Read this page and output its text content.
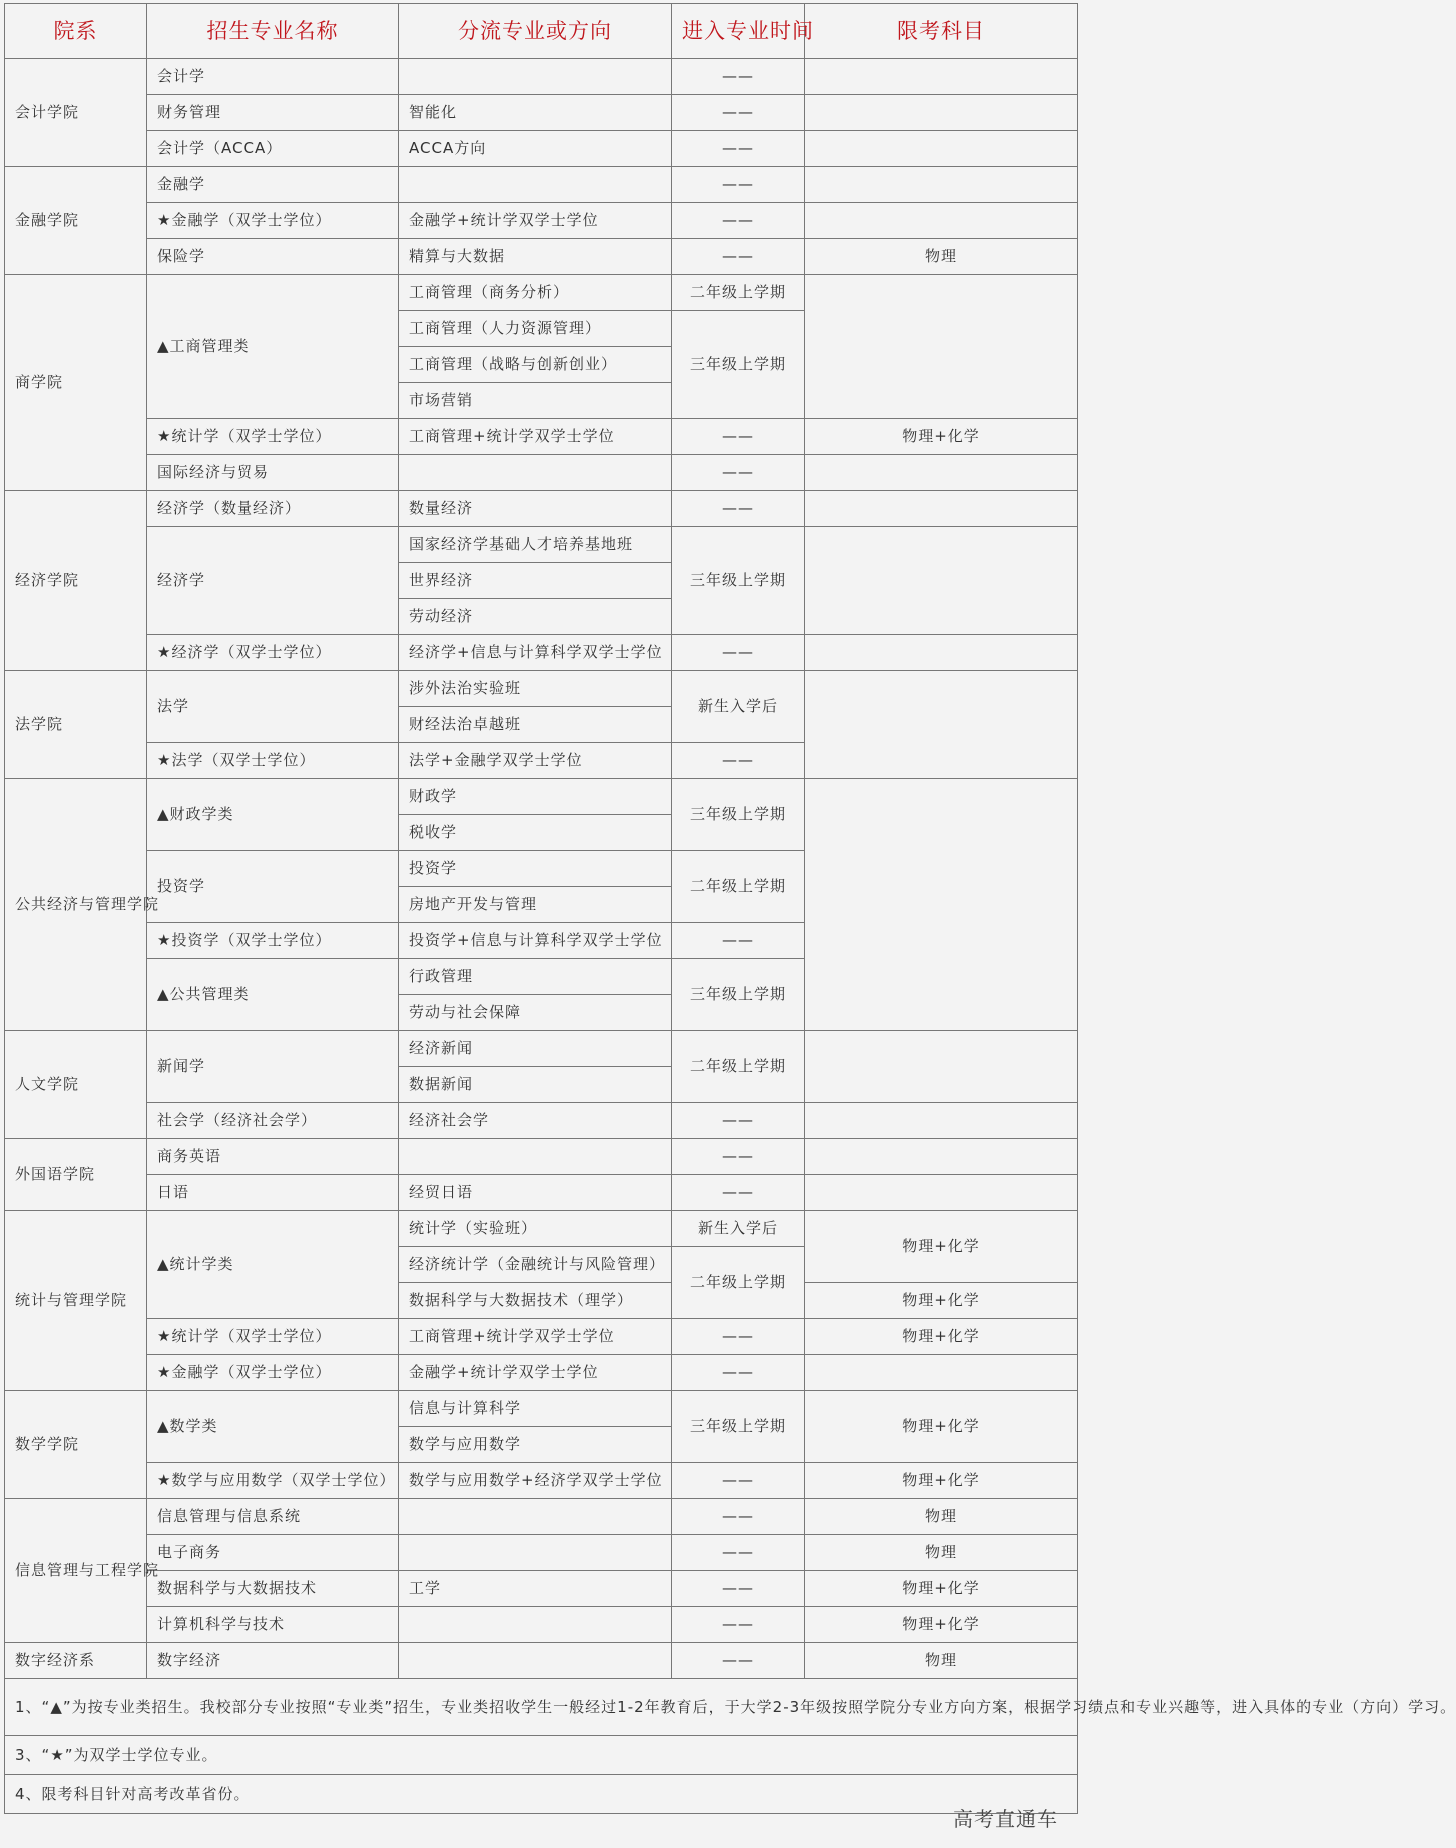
院系	招生专业名称	分流专业或方向	进入专业时间	限考科目
会计学院	会计学		——	
	财务管理	智能化	——	
	会计学（ACCA）	ACCA方向	——	
金融学院	金融学		——	
	★金融学（双学士学位）	金融学+统计学双学士学位	——	
	保险学	精算与大数据	——	物理
商学院	▲工商管理类	工商管理（商务分析）	二年级上学期	
		工商管理（人力资源管理）	三年级上学期	
		工商管理（战略与创新创业）		
		市场营销		
	★统计学（双学士学位）	工商管理+统计学双学士学位	——	物理+化学
	国际经济与贸易		——	
经济学院	经济学（数量经济）	数量经济	——	
	经济学	国家经济学基础人才培养基地班	三年级上学期	
		世界经济		
		劳动经济		
	★经济学（双学士学位）	经济学+信息与计算科学双学士学位	——	
法学院	法学	涉外法治实验班	新生入学后	
		财经法治卓越班		
	★法学（双学士学位）	法学+金融学双学士学位	——	
公共经济与管理学院	▲财政学类	财政学	三年级上学期	
		税收学		
	投资学	投资学	二年级上学期	
		房地产开发与管理		
	★投资学（双学士学位）	投资学+信息与计算科学双学士学位	——	
	▲公共管理类	行政管理	三年级上学期	
		劳动与社会保障		
人文学院	新闻学	经济新闻	二年级上学期	
		数据新闻		
	社会学（经济社会学）	经济社会学	——	
外国语学院	商务英语		——	
	日语	经贸日语	——	
统计与管理学院	▲统计学类	统计学（实验班）	新生入学后	物理+化学
		经济统计学（金融统计与风险管理）	二年级上学期	
		数据科学与大数据技术（理学）		物理+化学
	★统计学（双学士学位）	工商管理+统计学双学士学位	——	物理+化学
	★金融学（双学士学位）	金融学+统计学双学士学位	——	
数学学院	▲数学类	信息与计算科学	三年级上学期	物理+化学
		数学与应用数学		
	★数学与应用数学（双学士学位）	数学与应用数学+经济学双学士学位	——	物理+化学
信息管理与工程学院	信息管理与信息系统		——	物理
	电子商务		——	物理
	数据科学与大数据技术	工学	——	物理+化学
	计算机科学与技术		——	物理+化学
数字经济系	数字经济		——	物理
1、“▲”为按专业类招生。我校部分专业按照“专业类”招生，专业类招收学生一般经过1-2年教育后，于大学2-3年级按照学院分专业方向方案，根据学习绩点和专业兴趣等，进入具体的专业（方向）学习。				
3、“★”为双学士学位专业。				
4、限考科目针对高考改革省份。				
高考直通车
